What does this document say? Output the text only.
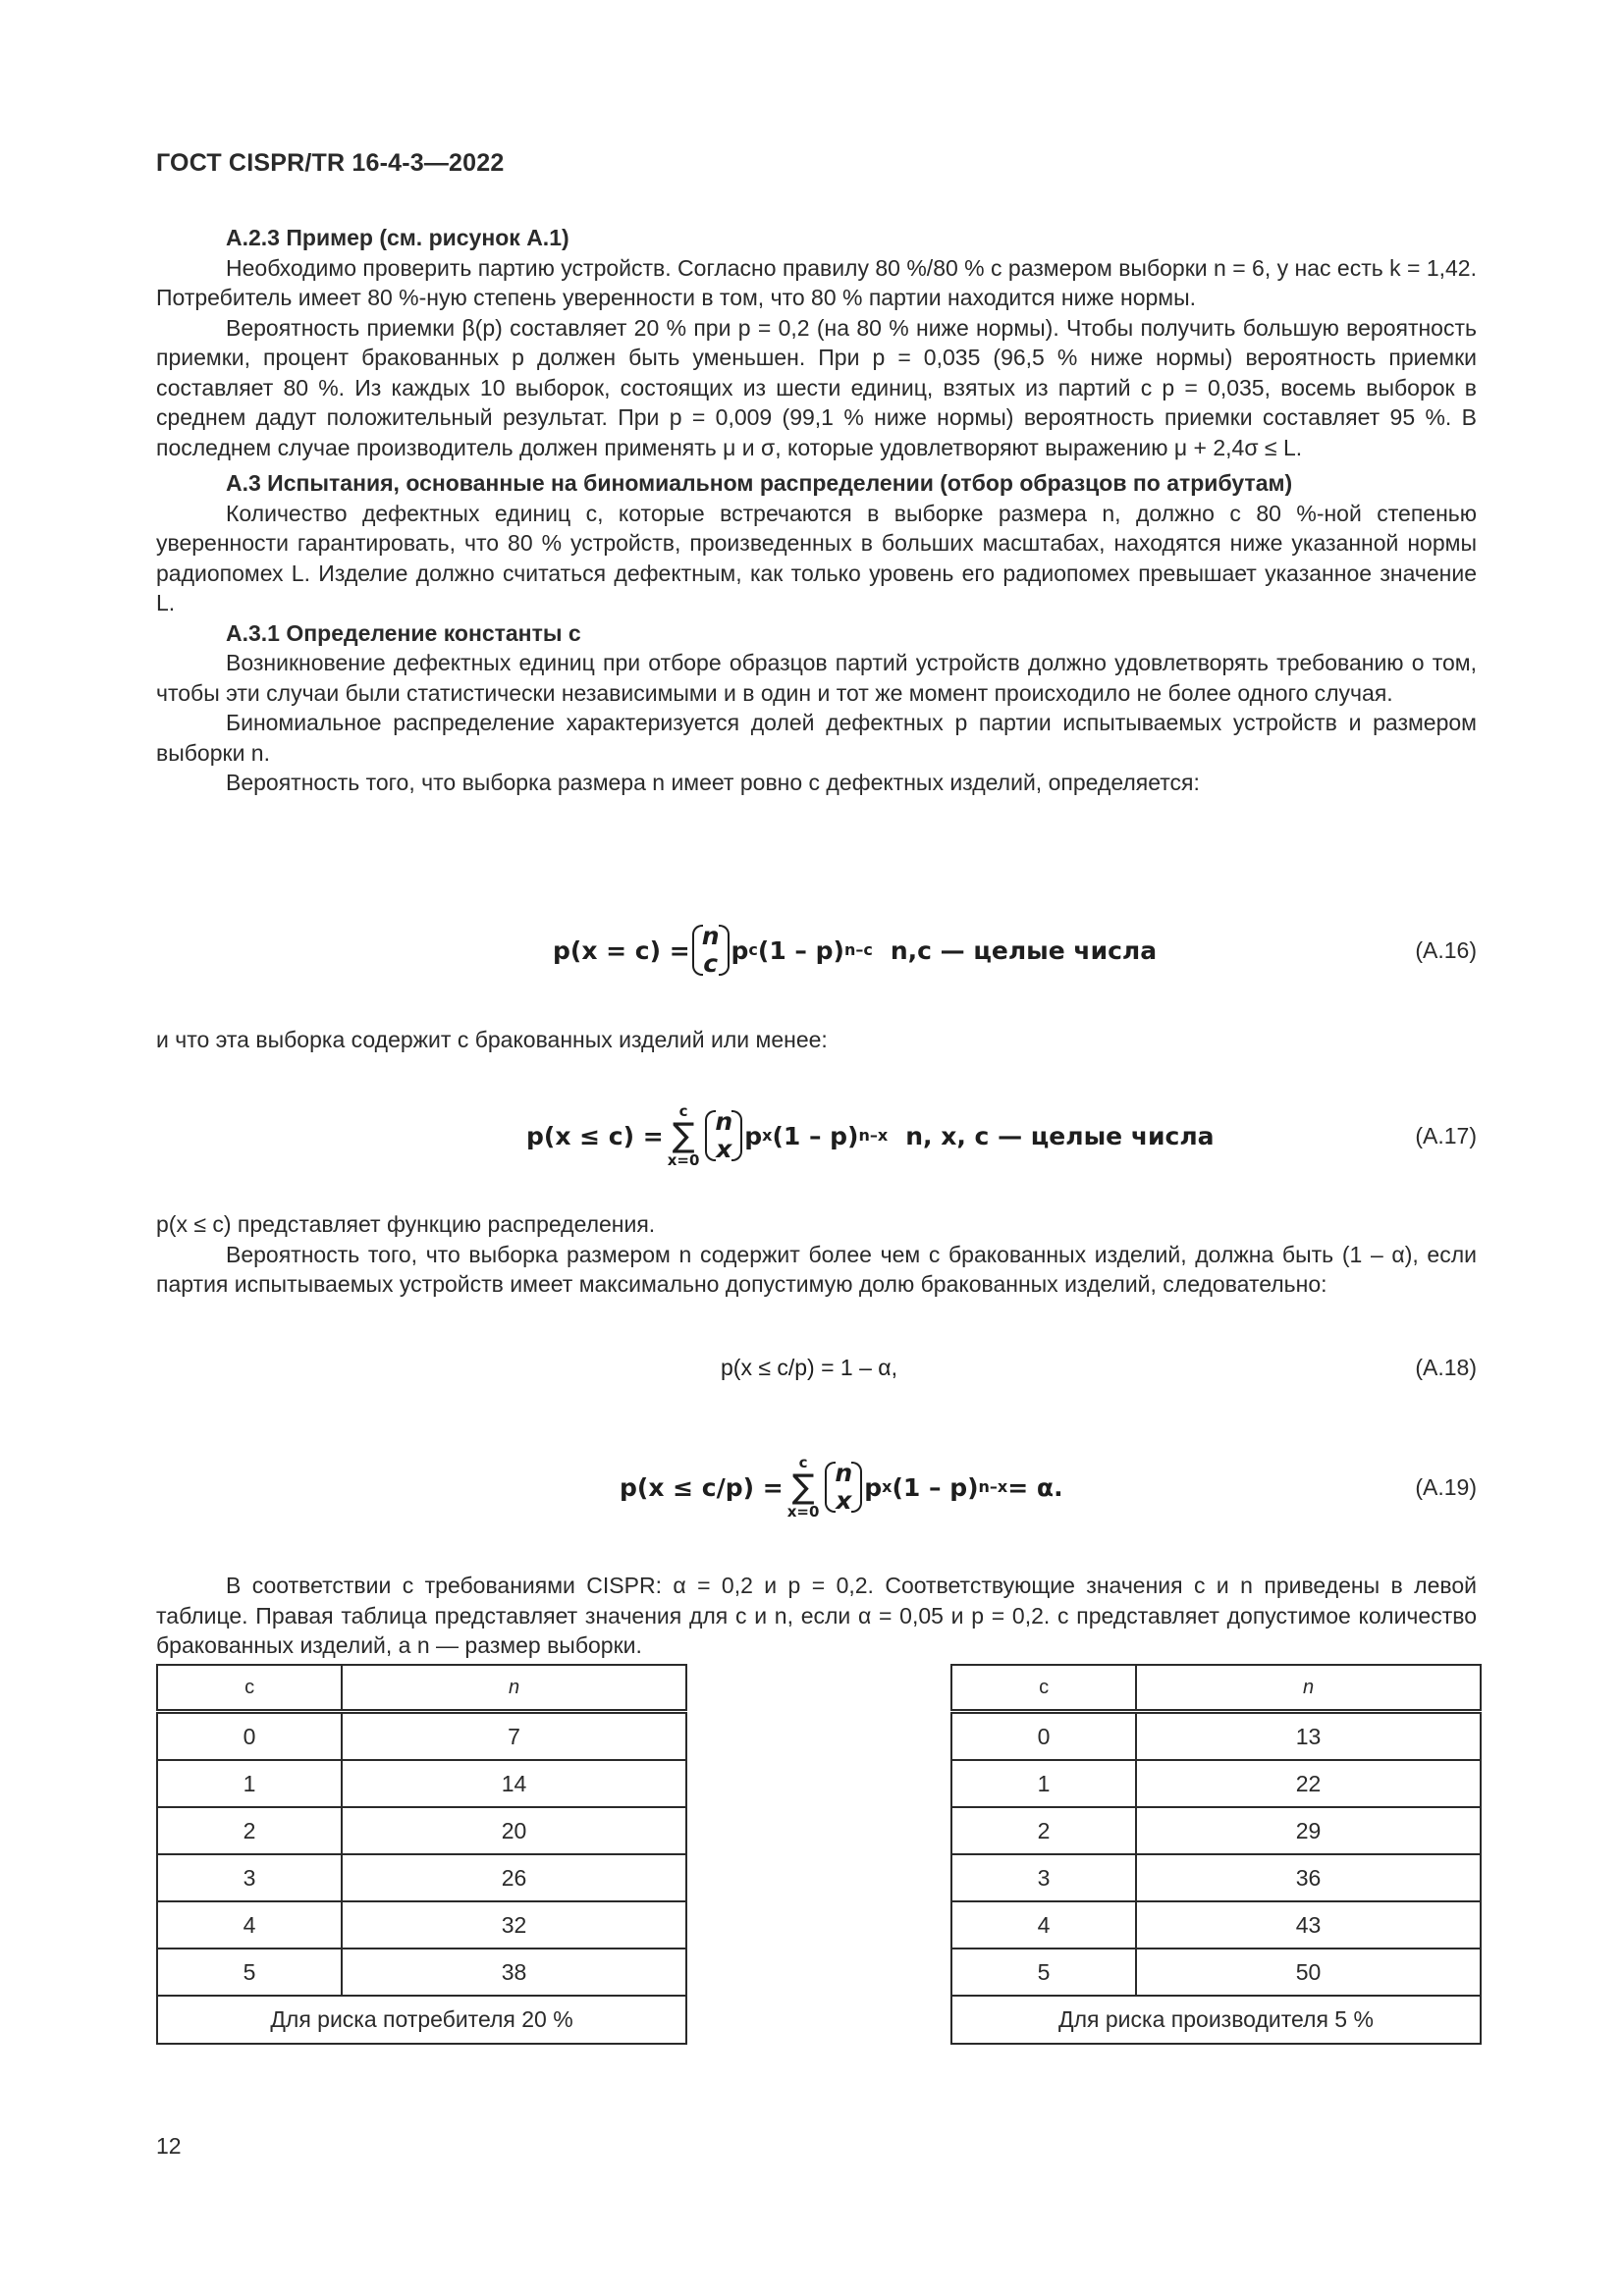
ГОСТ CISPR/TR 16-4-3—2022

А.2.3 Пример (см. рисунок А.1)

Необходимо проверить партию устройств. Согласно правилу 80 %/80 % с размером выборки n = 6, у нас есть k = 1,42. Потребитель имеет 80 %-ную степень уверенности в том, что 80 % партии находится ниже нормы.

Вероятность приемки β(p) составляет 20 % при p = 0,2 (на 80 % ниже нормы). Чтобы получить большую вероятность приемки, процент бракованных p должен быть уменьшен. При p = 0,035 (96,5 % ниже нормы) вероятность приемки составляет 80 %. Из каждых 10 выборок, состоящих из шести единиц, взятых из партий с p = 0,035, восемь выборок в среднем дадут положительный результат. При p = 0,009 (99,1 % ниже нормы) вероятность приемки составляет 95 %. В последнем случае производитель должен применять μ и σ, которые удовлетворяют выражению μ + 2,4σ ≤ L.

А.3 Испытания, основанные на биномиальном распределении (отбор образцов по атрибутам)

Количество дефектных единиц c, которые встречаются в выборке размера n, должно с 80 %-ной степенью уверенности гарантировать, что 80 % устройств, произведенных в больших масштабах, находятся ниже указанной нормы радиопомех L. Изделие должно считаться дефектным, как только уровень его радиопомех превышает указанное значение L.

А.3.1 Определение константы c

Возникновение дефектных единиц при отборе образцов партий устройств должно удовлетворять требованию о том, чтобы эти случаи были статистически независимыми и в один и тот же момент происходило не более одного случая.

Биномиальное распределение характеризуется долей дефектных p партии испытываемых устройств и размером выборки n.

Вероятность того, что выборка размера n имеет ровно c дефектных изделий, определяется:

p(x = c) = n
c p c (1 – p) n–c n,c — целые числа	(А.16)

и что эта выборка содержит c бракованных изделий или менее:

p(x ≤ c) =
c
∑
x=0
n
x p x (1 – p) n–x n, x, c — целые числа	(А.17)

p(x ≤ c) представляет функцию распределения.

Вероятность того, что выборка размером n содержит более чем c бракованных изделий, должна быть (1 – α), если партия испытываемых устройств имеет максимально допустимую долю бракованных изделий, следовательно:

p(x ≤ c/p) = 1 – α,	(А.18)
p(x ≤ c/p) =
c
∑
x=0
n
x p x (1 – p) n–x = α.	(А.19)

В соответствии с требованиями CISPR: α = 0,2 и p = 0,2. Соответствующие значения c и n приведены в левой таблице. Правая таблица представляет значения для c и n, если α = 0,05 и p = 0,2. c представляет допустимое количество бракованных изделий, а n — размер выборки.

c	n
0	7
1	14
2	20
3	26
4	32
5	38
Для риска потребителя 20 %	
c	n
0	13
1	22
2	29
3	36
4	43
5	50
Для риска производителя 5 %	
12
